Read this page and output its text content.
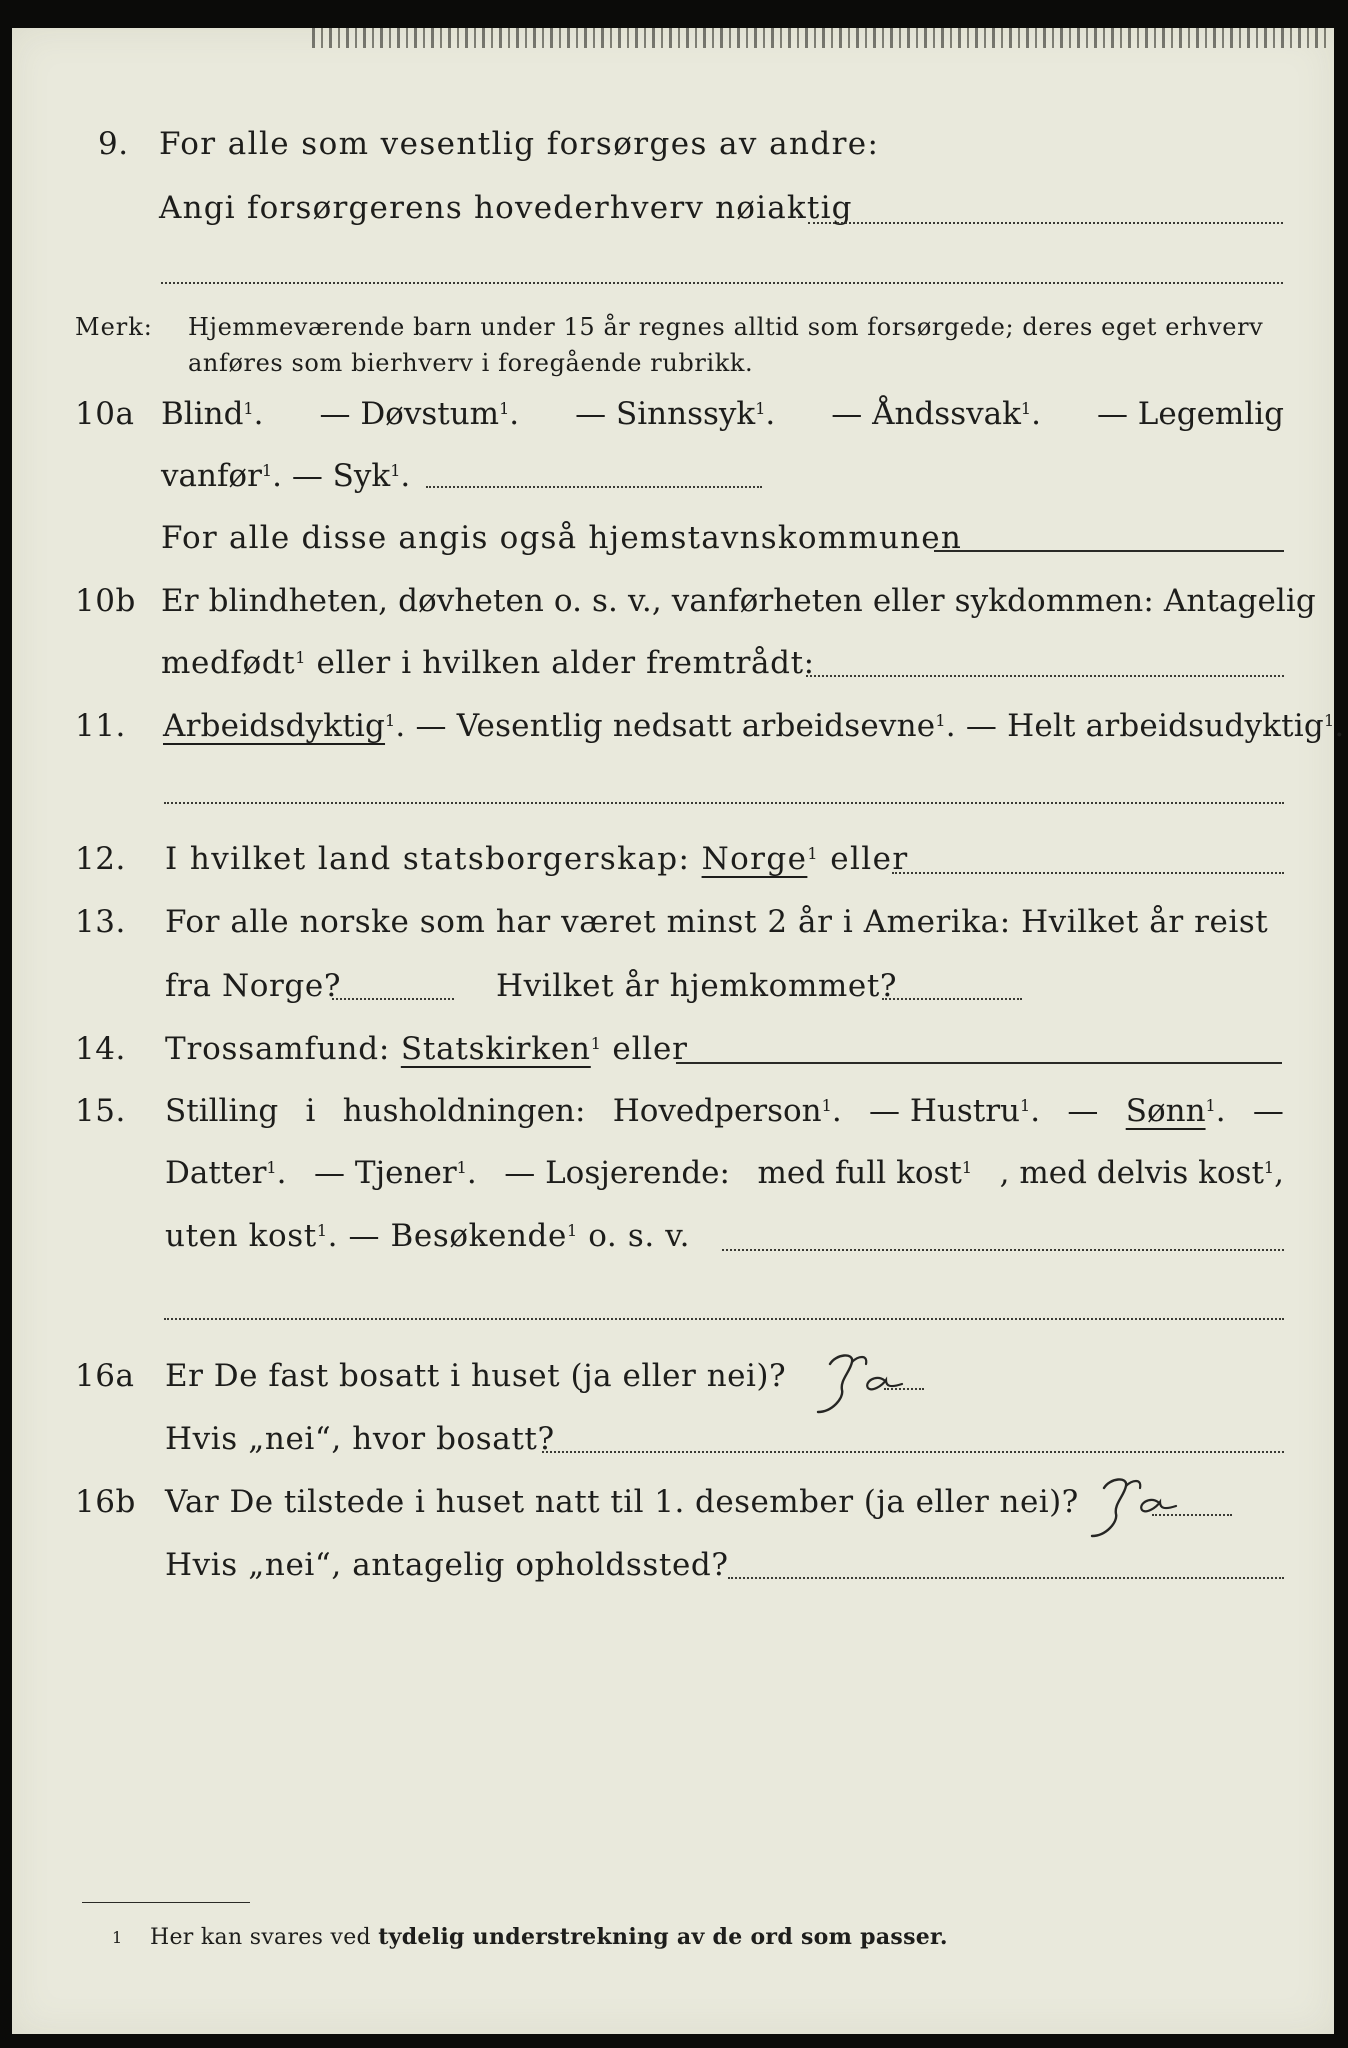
9. For alle som vesentlig forsørges av andre:
Angi forsørgerens hovederhverv nøiaktig
Merk: Hjemmeværende barn under 15 år regnes alltid som forsørgede; deres eget erhverv
anføres som bierhverv i foregående rubrikk.
10a Blind$^1$. — Døvstum$^1$. — Sinnssyk$^1$. — Åndssvak$^1$. — Legemlig
vanfør$^1$. — Syk$^1$.
For alle disse angis også hjemstavnskommunen
10b Er blindheten, døvheten o. s. v., vanførheten eller sykdommen: Antagelig
medfødt$^1$ eller i hvilken alder fremtrådt:
11. Arbeidsdyktig$^1$. — Vesentlig nedsatt arbeidsevne$^1$. — Helt arbeidsudyktig$^1$.
12. I hvilket land statsborgerskap: Norge$^1$ eller
13. For alle norske som har været minst 2 år i Amerika: Hvilket år reist
fra Norge?	Hvilket år hjemkommet?
14. Trossamfund: Statskirken$^1$ eller
15. Stilling i husholdningen: Hovedperson$^1$. — Hustru$^1$. — Sønn$^1$. —
Datter$^1$. — Tjener$^1$. — Losjerende: med full kost$^1$ , med delvis kost$^1$,
uten kost$^1$. — Besøkende$^1$ o. s. v.
16a Er De fast bosatt i huset (ja eller nei)?
Hvis „nei“, hvor bosatt?
16b Var De tilstede i huset natt til 1. desember (ja eller nei)?
Hvis „nei“, antagelig opholdssted?
1 Her kan svares ved tydelig understrekning av de ord som passer.
